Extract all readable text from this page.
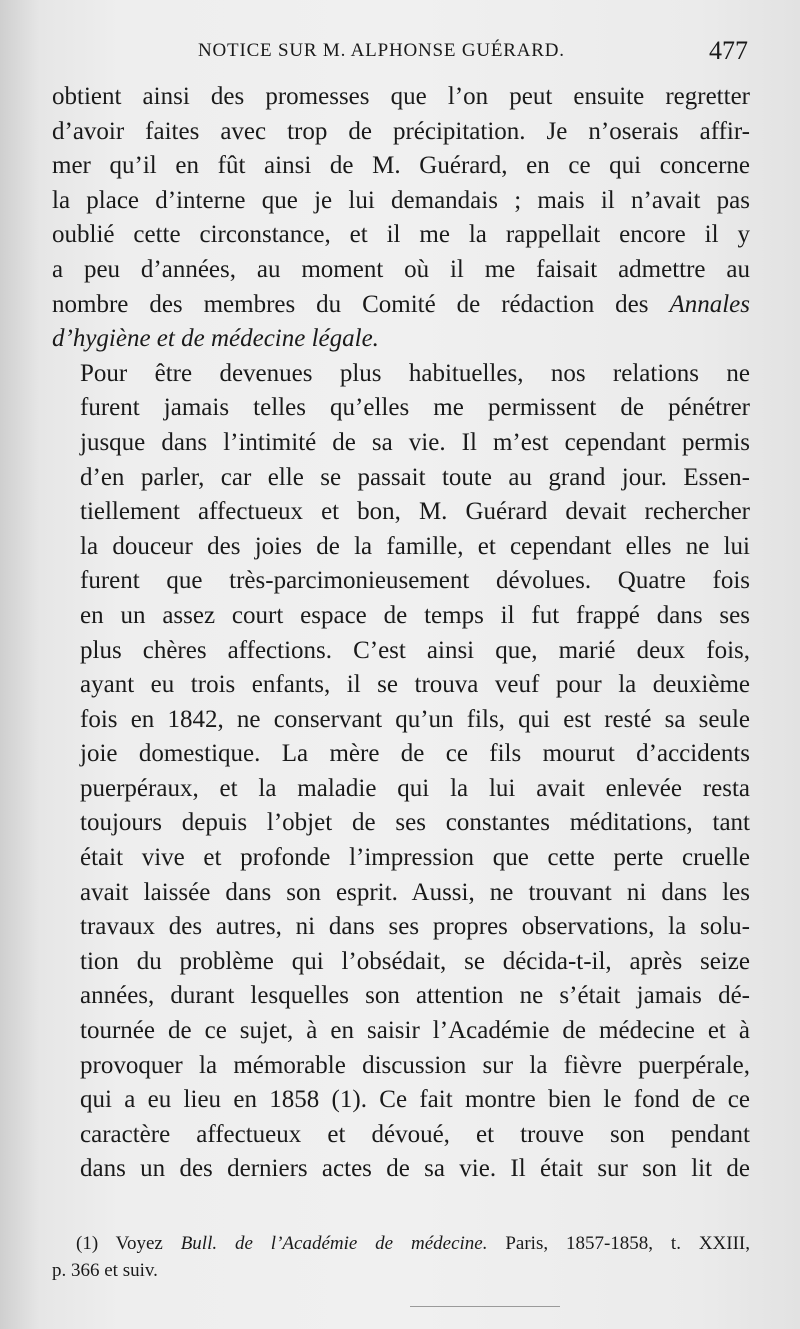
NOTICE SUR M. ALPHONSE GUÉRARD.	477

obtient ainsi des promesses que l’on peut ensuite regretter
d’avoir faites avec trop de précipitation. Je n’oserais affir-
mer qu’il en fût ainsi de M. Guérard, en ce qui concerne
la place d’interne que je lui demandais ; mais il n’avait pas
oublié cette circonstance, et il me la rappellait encore il y
a peu d’années, au moment où il me faisait admettre au
nombre des membres du Comité de rédaction des Annales
d’hygiène et de médecine légale.

Pour être devenues plus habituelles, nos relations ne
furent jamais telles qu’elles me permissent de pénétrer
jusque dans l’intimité de sa vie. Il m’est cependant permis
d’en parler, car elle se passait toute au grand jour. Essen-
tiellement affectueux et bon, M. Guérard devait rechercher
la douceur des joies de la famille, et cependant elles ne lui
furent que très-parcimonieusement dévolues. Quatre fois
en un assez court espace de temps il fut frappé dans ses
plus chères affections. C’est ainsi que, marié deux fois,
ayant eu trois enfants, il se trouva veuf pour la deuxième
fois en 1842, ne conservant qu’un fils, qui est resté sa seule
joie domestique. La mère de ce fils mourut d’accidents
puerpéraux, et la maladie qui la lui avait enlevée resta
toujours depuis l’objet de ses constantes méditations, tant
était vive et profonde l’impression que cette perte cruelle
avait laissée dans son esprit. Aussi, ne trouvant ni dans les
travaux des autres, ni dans ses propres observations, la solu-
tion du problème qui l’obsédait, se décida-t-il, après seize
années, durant lesquelles son attention ne s’était jamais dé-
tournée de ce sujet, à en saisir l’Académie de médecine et à
provoquer la mémorable discussion sur la fièvre puerpérale,
qui a eu lieu en 1858 (1). Ce fait montre bien le fond de ce
caractère affectueux et dévoué, et trouve son pendant
dans un des derniers actes de sa vie. Il était sur son lit de

(1) Voyez Bull. de l’Académie de médecine. Paris, 1857-1858, t. XXIII,
p. 366 et suiv.
